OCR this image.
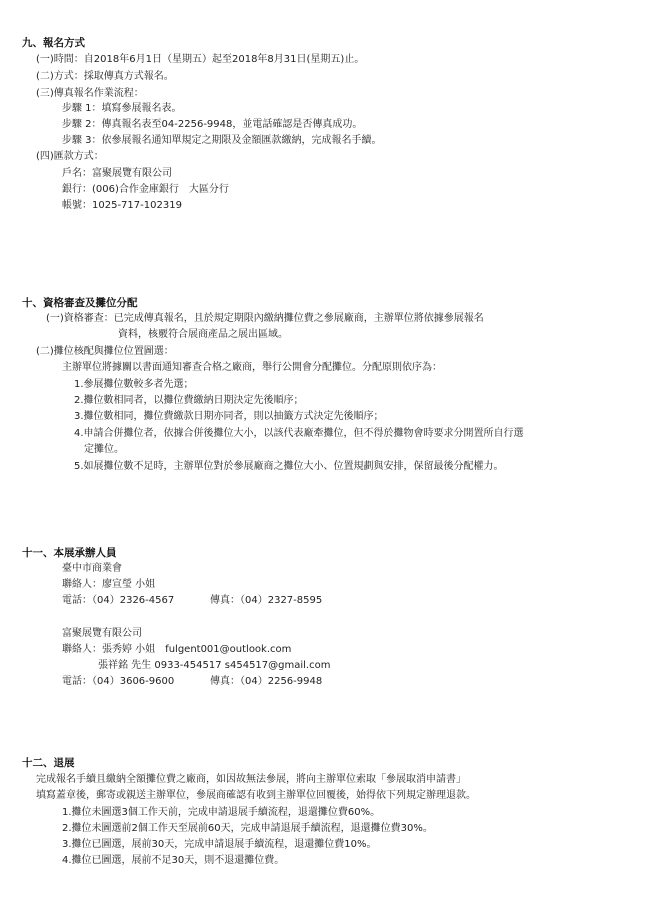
九、報名方式
(一)時間：自2018年6月1日（星期五）起至2018年8月31日(星期五)止。
(二)方式：採取傳真方式報名。
(三)傳真報名作業流程：
步驟 1：填寫參展報名表。
步驟 2：傳真報名表至04-2256-9948，並電話確認是否傳真成功。
步驟 3：依參展報名通知單規定之期限及金額匯款繳納，完成報名手續。
(四)匯款方式：
戶名：富聚展覽有限公司
銀行：(006)合作金庫銀行　大區分行
帳號：1025-717-102319
十、資格審查及攤位分配
(一)資格審查：已完成傳真報名，且於規定期限內繳納攤位費之參展廠商，主辦單位將依據參展報名
資料，核覈符合展商產品之展出區域。
(二)攤位核配與攤位位置圖選：
主辦單位將據關以書面通知審查合格之廠商，舉行公開會分配攤位。分配原則依序為：
1.參展攤位數較多者先選；
2.攤位數相同者，以攤位費繳納日期決定先後順序；
3.攤位數相同，攤位費繳款日期亦同者，則以抽籤方式決定先後順序；
4.申請合併攤位者，依據合併後攤位大小，以該代表廠牽攤位，但不得於攤物會時要求分開置所自行選
定攤位。
5.如展攤位數不足時，主辦單位對於參展廠商之攤位大小、位置規劃與安排，保留最後分配權力。
十一、本展承辦人員
臺中市商業會
聯絡人：廖宣瑩 小姐
電話：（04）2326-4567	傳真：（04）2327-8595
富聚展覽有限公司
聯絡人：張秀婷 小姐　fulgent001@outlook.com
張祥銘 先生 0933-454517 s454517@gmail.com
電話：（04）3606-9600	傳真：（04）2256-9948
十二、退展
完成報名手續且繳納全額攤位費之廠商，如因故無法參展，將向主辦單位索取「參展取消申請書」
填寫蓋章後，郵寄或親送主辦單位，參展商確認有收到主辦單位回覆後，始得依下列規定辦理退款。
1.攤位未圖選3個工作天前，完成申請退展手續流程，退還攤位費60%。
2.攤位未圖選前2個工作天至展前60天，完成申請退展手續流程，退還攤位費30%。
3.攤位已圖選，展前30天，完成申請退展手續流程，退還攤位費10%。
4.攤位已圖選，展前不足30天，則不退還攤位費。
